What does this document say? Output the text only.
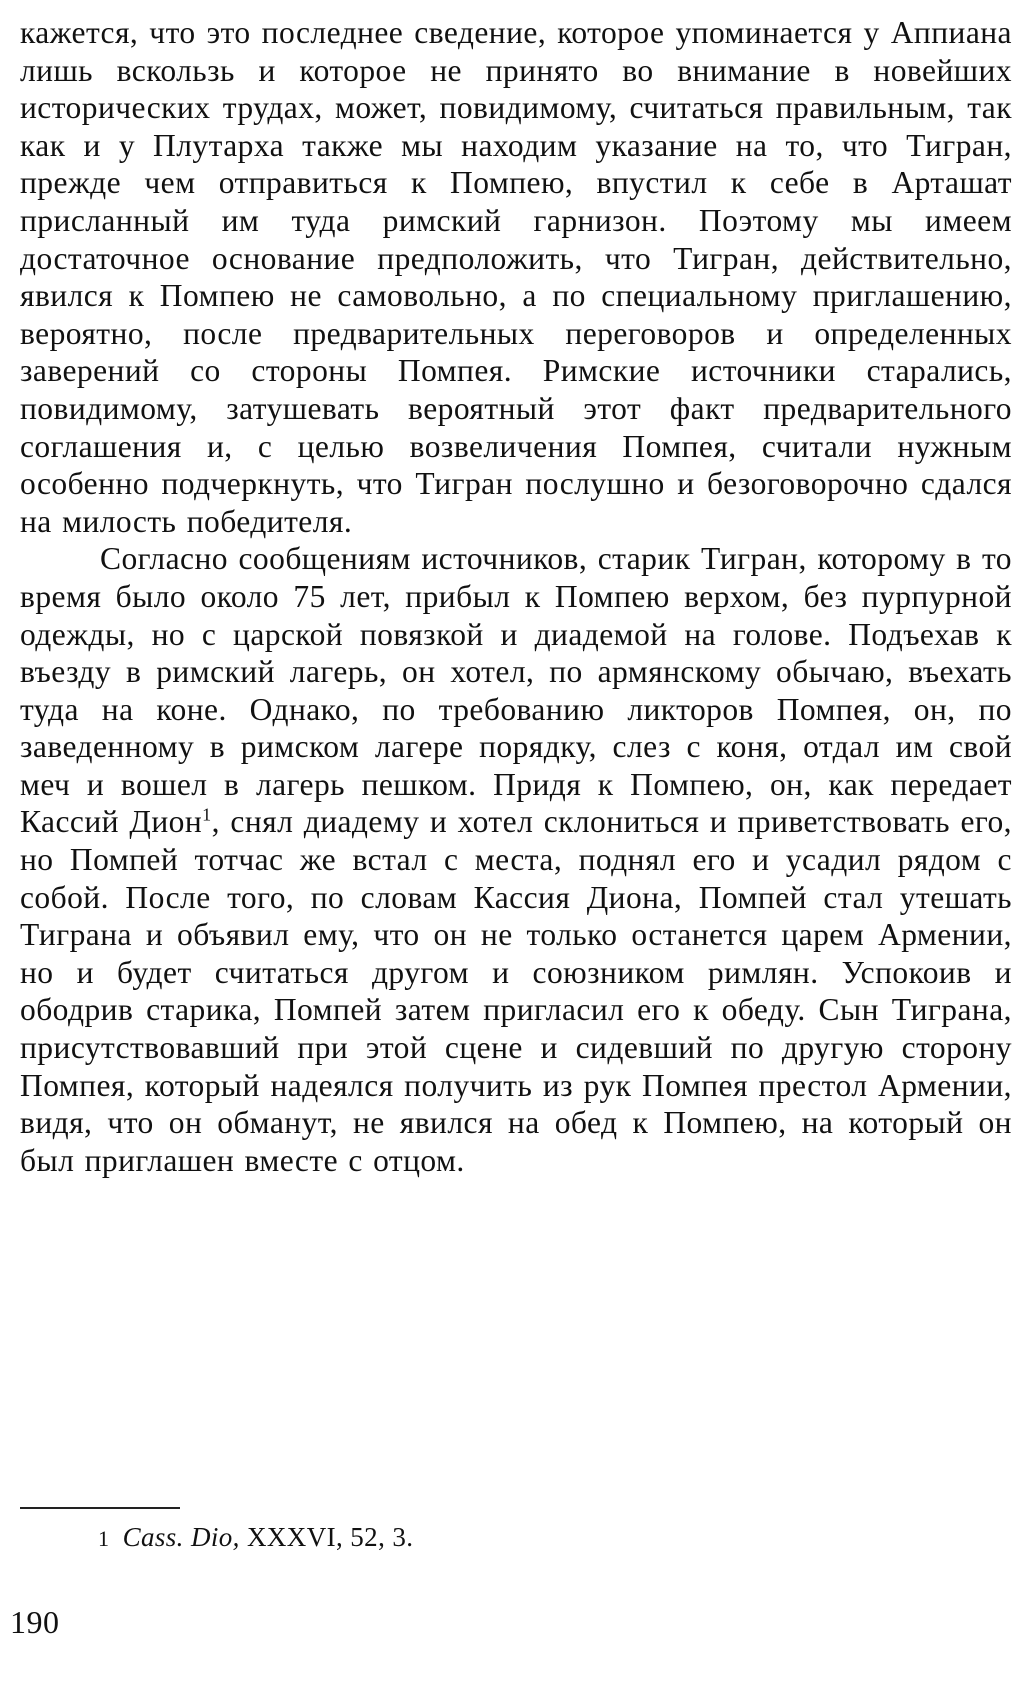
кажется, что это последнее сведение, которое упоминается у Аппиана лишь вскользь и которое не принято во внимание в новейших исторических трудах, может, повидимому, считаться правильным, так как и у Плутарха также мы находим указание на то, что Тигран, прежде чем отправиться к Помпею, впустил к себе в Арташат присланный им туда римский гарнизон. Поэтому мы имеем достаточное основание предположить, что Тигран, действительно, явился к Помпею не самовольно, а по специальному приглашению, вероятно, после предварительных переговоров и определенных заверений со стороны Помпея. Римские источники старались, повидимому, затушевать вероятный этот факт предварительного соглашения и, с целью возвеличения Помпея, считали нужным особенно подчеркнуть, что Тигран послушно и безоговорочно сдался на милость победителя.

Согласно сообщениям источников, старик Тигран, которому в то время было около 75 лет, прибыл к Помпею верхом, без пурпурной одежды, но с царской повязкой и диадемой на голове. Подъехав к въезду в римский лагерь, он хотел, по армянскому обычаю, въехать туда на коне. Однако, по требованию ликторов Помпея, он, по заведенному в римском лагере порядку, слез с коня, отдал им свой меч и вошел в лагерь пешком. Придя к Помпею, он, как передает Кассий Дион$^1$, снял диадему и хотел склониться и приветствовать его, но Помпей тотчас же встал с места, поднял его и усадил рядом с собой. После того, по словам Кассия Диона, Помпей стал утешать Тиграна и объявил ему, что он не только останется царем Армении, но и будет считаться другом и союзником римлян. Успокоив и ободрив старика, Помпей затем пригласил его к обеду. Сын Тиграна, присутствовавший при этой сцене и сидевший по другую сторону Помпея, который надеялся получить из рук Помпея престол Армении, видя, что он обманут, не явился на обед к Помпею, на который он был приглашен вместе с отцом.

1 Cass. Dio, XXXVI, 52, 3.
190
